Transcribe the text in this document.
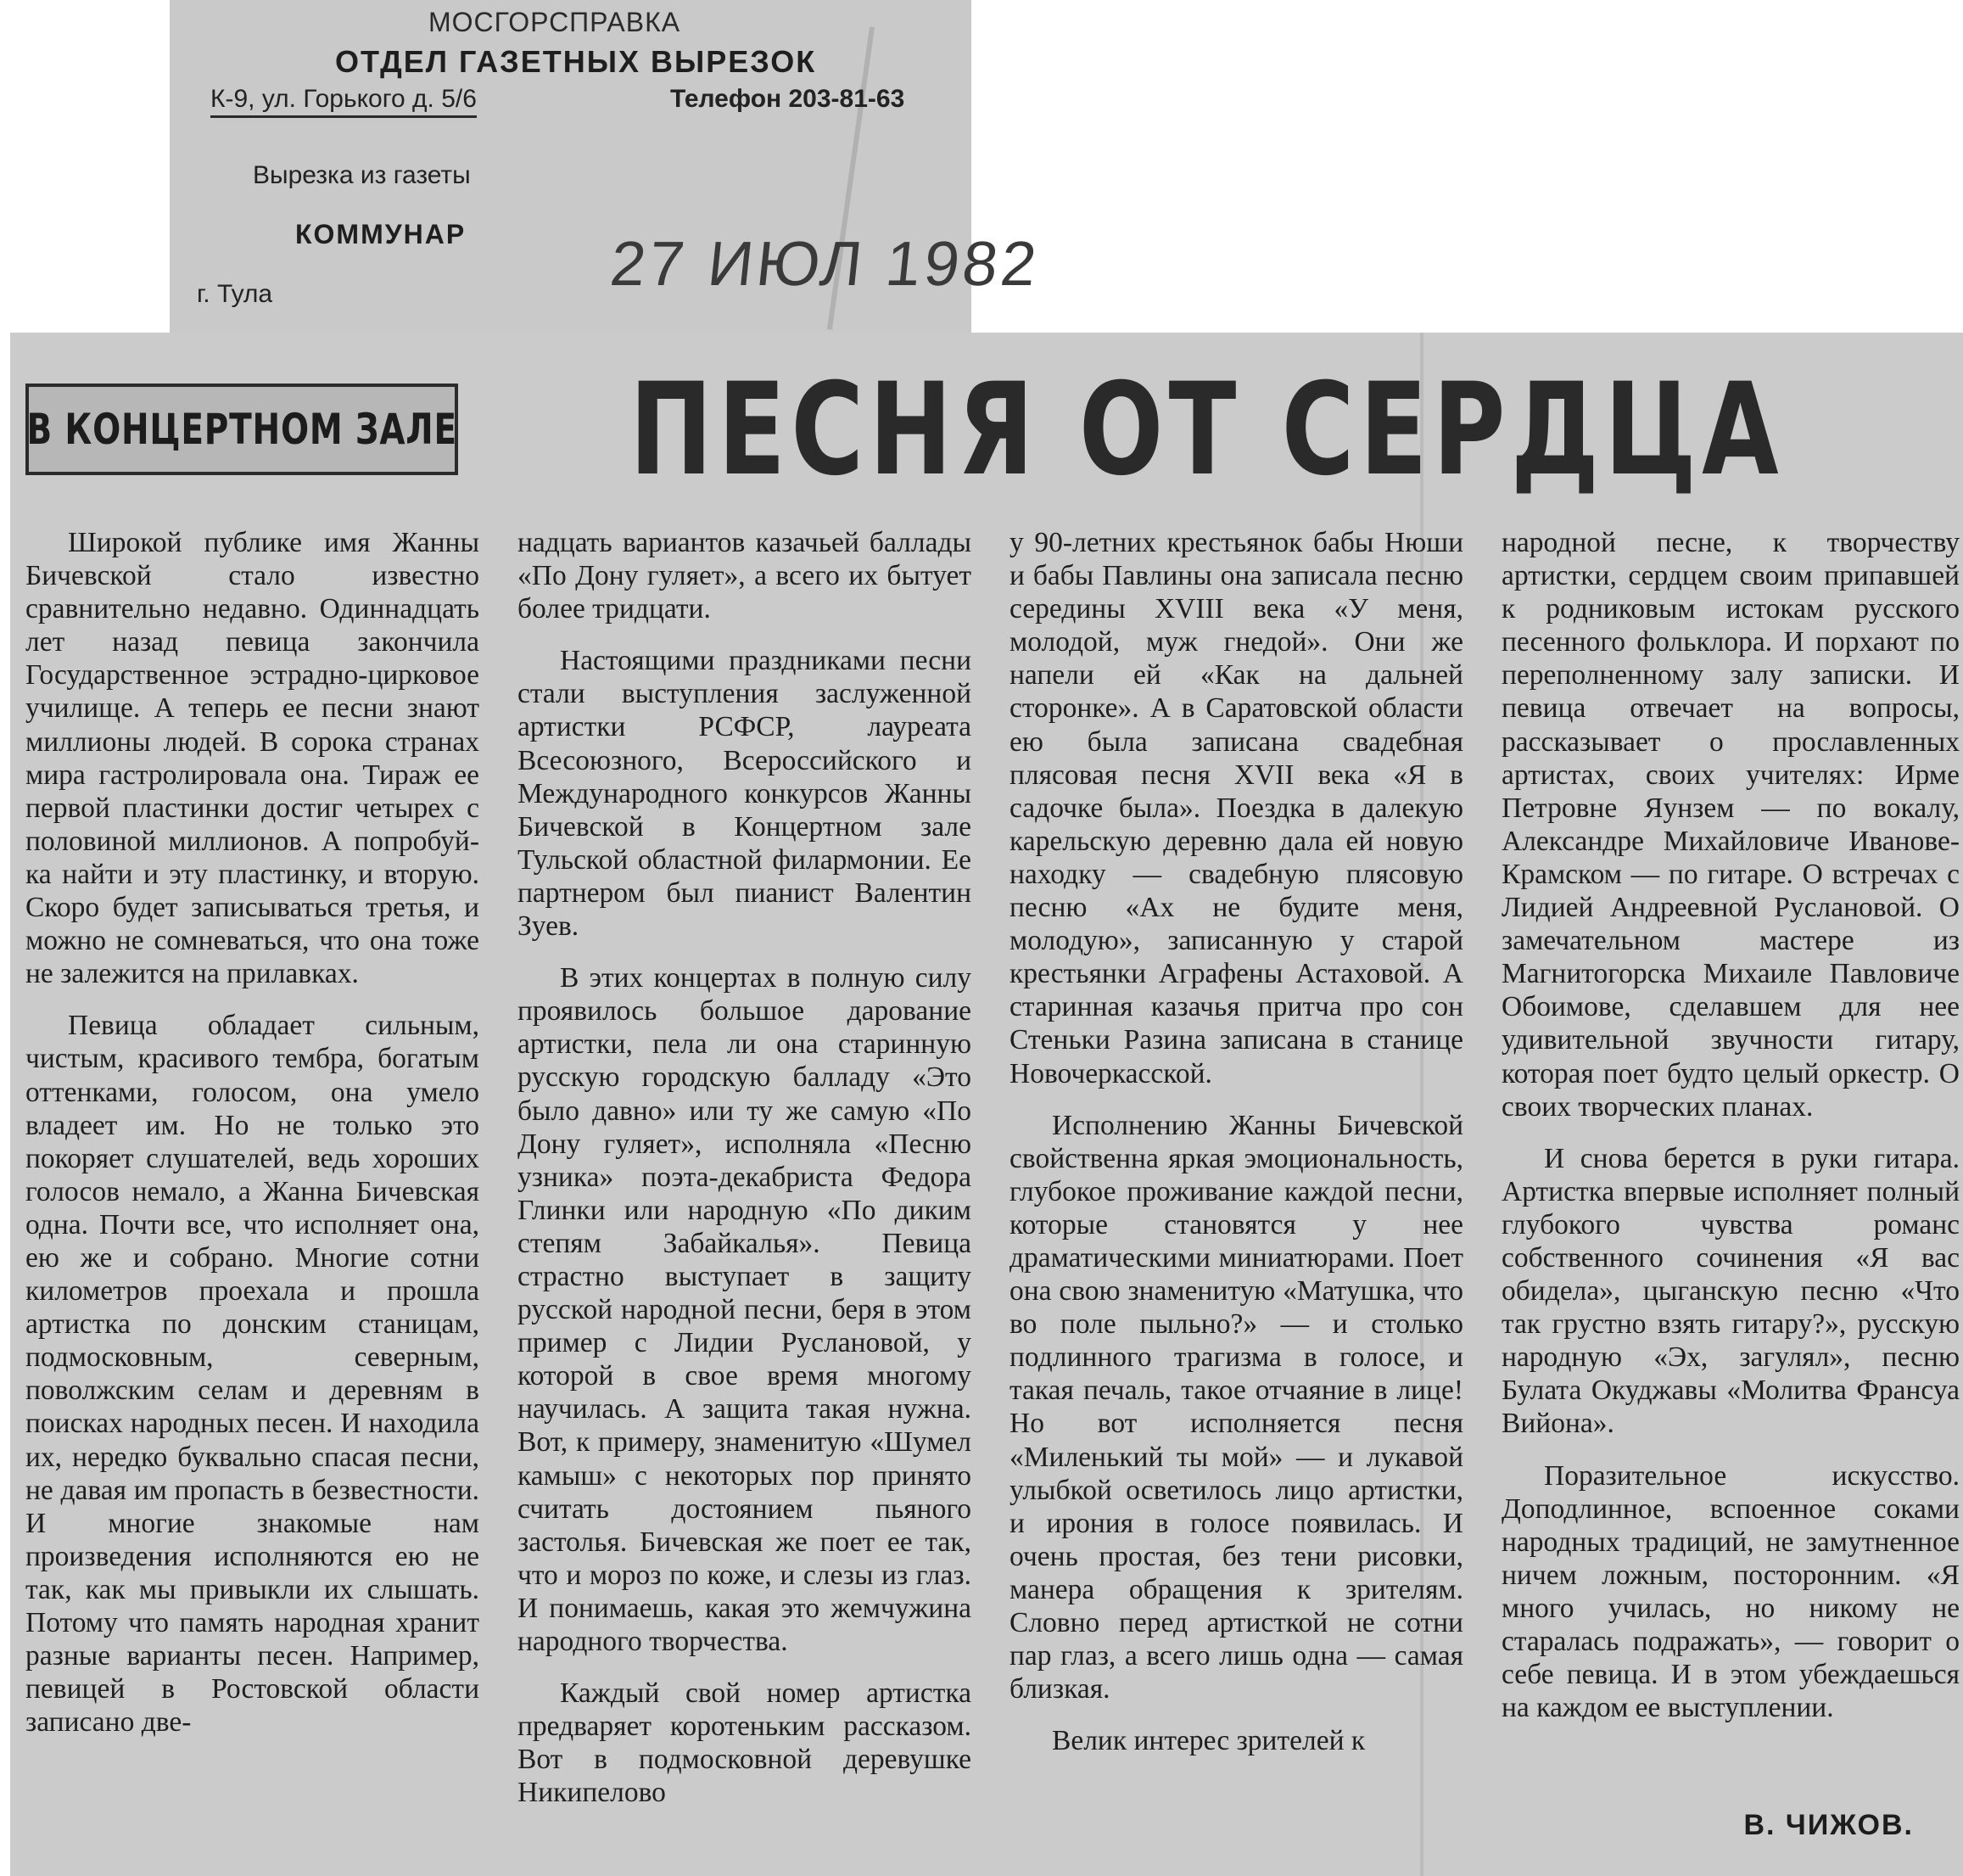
МОСГОРСПРАВКА
ОТДЕЛ ГАЗЕТНЫХ ВЫРЕЗОК
К-9, ул. Горького д. 5/6	Телефон 203-81-63
Вырезка из газеты
КОММУНАР
г. Тула	27 ИЮЛ 1982
В КОНЦЕРТНОМ ЗАЛЕ ПЕСНЯ ОТ СЕРДЦА

Широкой публике имя Жанны Бичевской стало известно сравнительно недавно. Одиннадцать лет назад певица закончила Государственное эстрадно-цирковое училище. А теперь ее песни знают миллионы людей. В сорока странах мира гастролировала она. Тираж ее первой пластинки достиг четырех с половиной миллионов. А попробуй-ка найти и эту пластинку, и вторую. Скоро будет записываться третья, и можно не сомневаться, что она тоже не залежится на прилавках.

Певица обладает сильным, чистым, красивого тембра, богатым оттенками, голосом, она умело владеет им. Но не только это покоряет слушателей, ведь хороших голосов немало, а Жанна Бичевская одна. Почти все, что исполняет она, ею же и собрано. Многие сотни километров проехала и прошла артистка по донским станицам, подмосковным, северным, поволжским селам и деревням в поисках народных песен. И находила их, нередко буквально спасая песни, не давая им пропасть в безвестности. И многие знакомые нам произведения исполняются ею не так, как мы привыкли их слышать. Потому что память народная хранит разные варианты песен. Например, певицей в Ростовской области записано две-

надцать вариантов казачьей баллады «По Дону гуляет», а всего их бытует более тридцати.

Настоящими праздниками песни стали выступления заслуженной артистки РСФСР, лауреата Всесоюзного, Всероссийского и Международного конкурсов Жанны Бичевской в Концертном зале Тульской областной филармонии. Ее партнером был пианист Валентин Зуев.

В этих концертах в полную силу проявилось большое дарование артистки, пела ли она старинную русскую городскую балладу «Это было давно» или ту же самую «По Дону гуляет», исполняла «Песню узника» поэта-декабриста Федора Глинки или народную «По диким степям Забайкалья». Певица страстно выступает в защиту русской народной песни, беря в этом пример с Лидии Руслановой, у которой в свое время многому научилась. А защита такая нужна. Вот, к примеру, знаменитую «Шумел камыш» с некоторых пор принято считать достоянием пьяного застолья. Бичевская же поет ее так, что и мороз по коже, и слезы из глаз. И понимаешь, какая это жемчужина народного творчества.

Каждый свой номер артистка предваряет коротеньким рассказом. Вот в подмосковной деревушке Никипелово

у 90-летних крестьянок бабы Нюши и бабы Павлины она записала песню середины XVIII века «У меня, молодой, муж гнедой». Они же напели ей «Как на дальней сторонке». А в Саратовской области ею была записана свадебная плясовая песня XVII века «Я в садочке была». Поездка в далекую карельскую деревню дала ей новую находку — свадебную плясовую песню «Ах не будите меня, молодую», записанную у старой крестьянки Аграфены Астаховой. А старинная казачья притча про сон Стеньки Разина записана в станице Новочеркасской.

Исполнению Жанны Бичевской свойственна яркая эмоциональность, глубокое проживание каждой песни, которые становятся у нее драматическими миниатюрами. Поет она свою знаменитую «Матушка, что во поле пыльно?» — и столько подлинного трагизма в голосе, и такая печаль, такое отчаяние в лице! Но вот исполняется песня «Миленький ты мой» — и лукавой улыбкой осветилось лицо артистки, и ирония в голосе появилась. И очень простая, без тени рисовки, манера обращения к зрителям. Словно перед артисткой не сотни пар глаз, а всего лишь одна — самая близкая.

Велик интерес зрителей к

народной песне, к творчеству артистки, сердцем своим припавшей к родниковым истокам русского песенного фольклора. И порхают по переполненному залу записки. И певица отвечает на вопросы, рассказывает о прославленных артистах, своих учителях: Ирме Петровне Яунзем — по вокалу, Александре Михайловиче Иванове-Крамском — по гитаре. О встречах с Лидией Андреевной Руслановой. О замечательном мастере из Магнитогорска Михаиле Павловиче Обоимове, сделавшем для нее удивительной звучности гитару, которая поет будто целый оркестр. О своих творческих планах.

И снова берется в руки гитара. Артистка впервые исполняет полный глубокого чувства романс собственного сочинения «Я вас обидела», цыганскую песню «Что так грустно взять гитару?», русскую народную «Эх, загулял», песню Булата Окуджавы «Молитва Франсуа Вийона».

Поразительное искусство. Доподлинное, вспоенное соками народных традиций, не замутненное ничем ложным, посторонним. «Я много училась, но никому не старалась подражать», — говорит о себе певица. И в этом убеждаешься на каждом ее выступлении.

В. ЧИЖОВ.
